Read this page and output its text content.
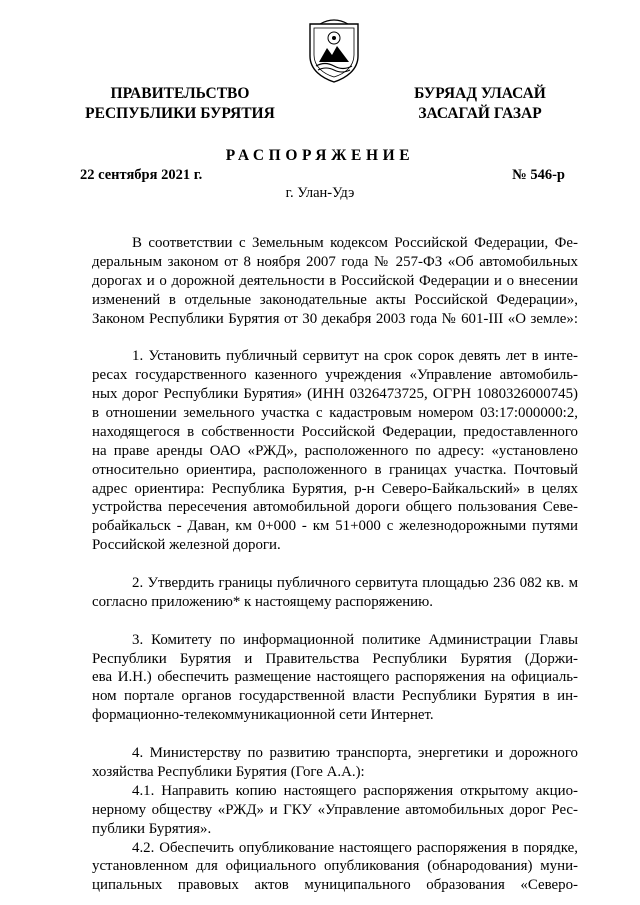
ПРАВИТЕЛЬСТВО
РЕСПУБЛИКИ БУРЯТИЯ
БУРЯАД УЛАСАЙ
ЗАСАГАЙ ГАЗАР
РАСПОРЯЖЕНИЕ
22 сентября 2021 г.	№ 546-р
г. Улан-Удэ
В соответствии с Земельным кодексом Российской Федерации, Фе-
деральным законом от 8 ноября 2007 года № 257-ФЗ «Об автомобильных
дорогах и о дорожной деятельности в Российской Федерации и о внесении
изменений в отдельные законодательные акты Российской Федерации»,
Законом Республики Бурятия от 30 декабря 2003 года № 601-III «О земле»:
1. Установить публичный сервитут на срок сорок девять лет в инте-
ресах государственного казенного учреждения «Управление автомобиль-
ных дорог Республики Бурятия» (ИНН 0326473725, ОГРН 1080326000745)
в отношении земельного участка с кадастровым номером 03:17:000000:2,
находящегося в собственности Российской Федерации, предоставленного
на праве аренды ОАО «РЖД», расположенного по адресу: «установлено
относительно ориентира, расположенного в границах участка. Почтовый
адрес ориентира: Республика Бурятия, р-н Северо-Байкальский» в целях
устройства пересечения автомобильной дороги общего пользования Севе-
робайкальск - Даван, км 0+000 - км 51+000 с железнодорожными путями
Российской железной дороги.
2. Утвердить границы публичного сервитута площадью 236 082 кв. м
согласно приложению* к настоящему распоряжению.
3. Комитету по информационной политике Администрации Главы
Республики Бурятия и Правительства Республики Бурятия (Доржи-
ева И.Н.) обеспечить размещение настоящего распоряжения на официаль-
ном портале органов государственной власти Республики Бурятия в ин-
формационно-телекоммуникационной сети Интернет.
4. Министерству по развитию транспорта, энергетики и дорожного
хозяйства Республики Бурятия (Гоге А.А.):
4.1. Направить копию настоящего распоряжения открытому акцио-
нерному обществу «РЖД» и ГКУ «Управление автомобильных дорог Рес-
публики Бурятия».
4.2. Обеспечить опубликование настоящего распоряжения в порядке,
установленном для официального опубликования (обнародования) муни-
ципальных правовых актов муниципального образования «Северо-
